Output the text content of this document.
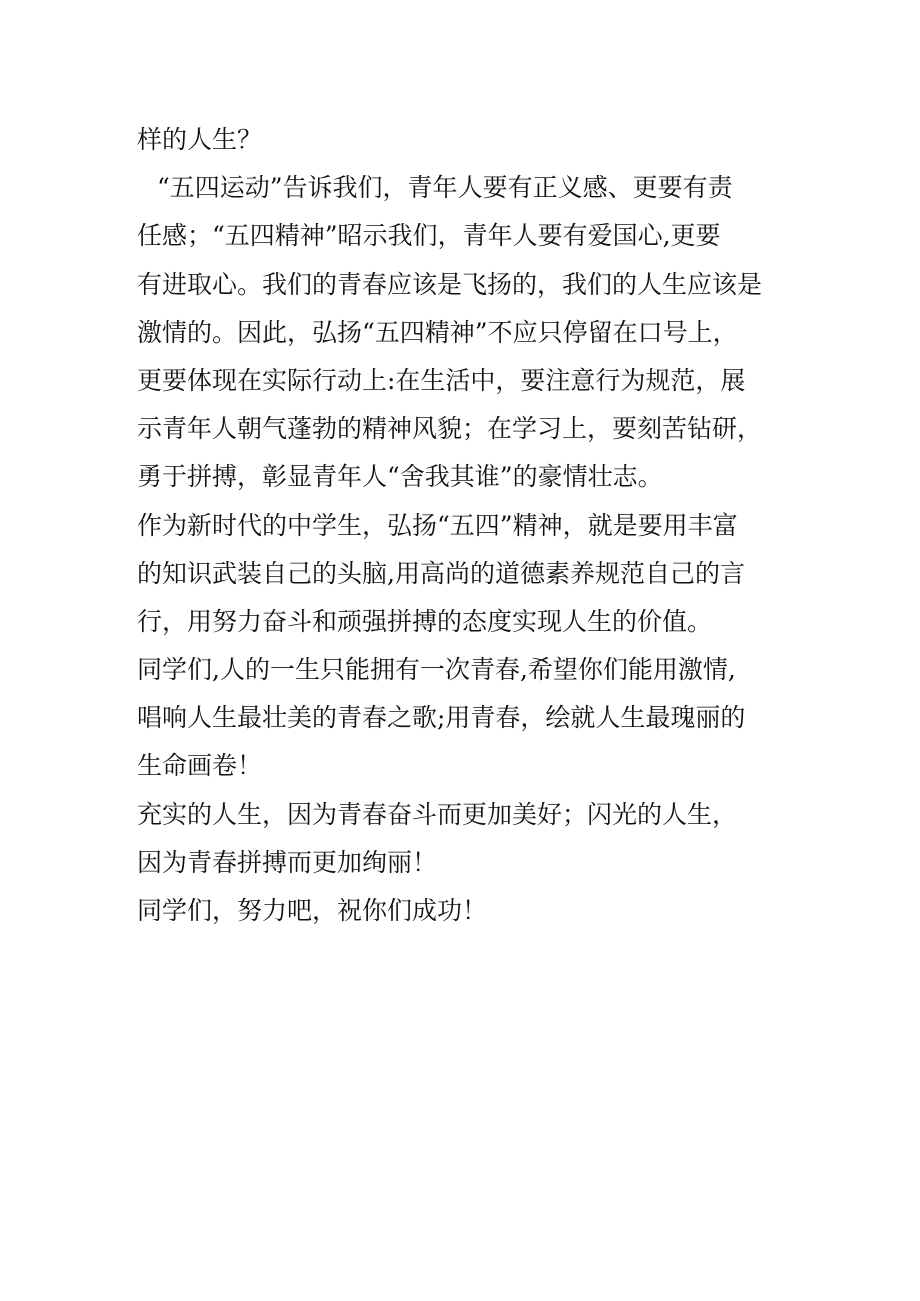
样的人生？
“五四运动”告诉我们，青年人要有正义感、更要有责
任感；“五四精神”昭示我们，青年人要有爱国心,更要
有进取心。我们的青春应该是飞扬的，我们的人生应该是
激情的。因此，弘扬“五四精神”不应只停留在口号上，
更要体现在实际行动上:在生活中，要注意行为规范，展
示青年人朝气蓬勃的精神风貌；在学习上，要刻苦钻研，
勇于拼搏，彰显青年人“舍我其谁”的豪情壮志。
作为新时代的中学生，弘扬“五四”精神，就是要用丰富
的知识武装自己的头脑,用高尚的道德素养规范自己的言
行，用努力奋斗和顽强拼搏的态度实现人生的价值。
同学们,人的一生只能拥有一次青春,希望你们能用激情,
唱响人生最壮美的青春之歌;用青春，绘就人生最瑰丽的
生命画卷！
充实的人生，因为青春奋斗而更加美好；闪光的人生，
因为青春拼搏而更加绚丽！
同学们，努力吧，祝你们成功！
